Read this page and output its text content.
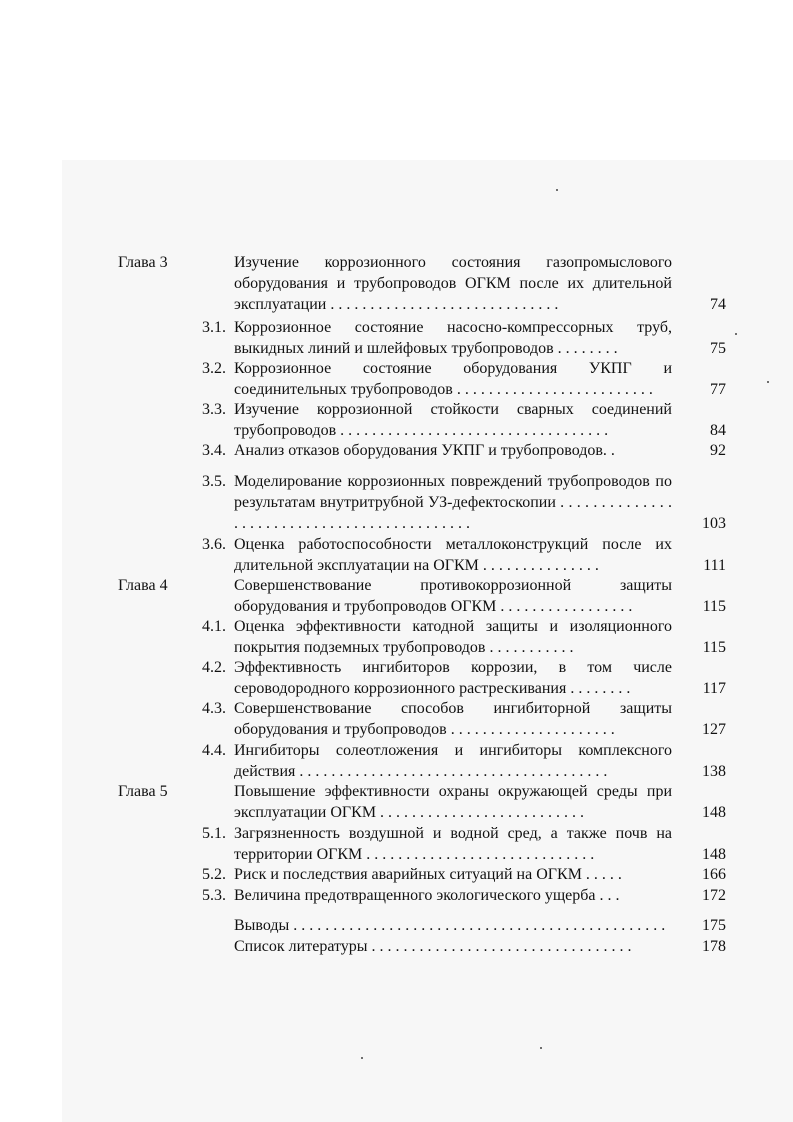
Глава 3	Изучение коррозионного состояния газопромыслового оборудования и трубопроводов ОГКМ после их длительной эксплуатации . . . . . . . . . . . . . . . . . . . . . . . . . . . . .	74
3.1. Коррозионное состояние насосно-компрессорных труб, выкидных линий и шлейфовых трубопроводов . . . . . . . .	75
3.2. Коррозионное состояние оборудования УКПГ и соединительных трубопроводов . . . . . . . . . . . . . . . . . . . . . . . . .	77
3.3. Изучение коррозионной стойкости сварных соединений трубопроводов . . . . . . . . . . . . . . . . . . . . . . . . . . . . . . . . . .	84
3.4. Анализ отказов оборудования УКПГ и трубопроводов. .	92
3.5. Моделирование коррозионных повреждений трубопроводов по результатам внутритрубной УЗ-дефектоскопии . . . . . . . . . . . . . . . . . . . . . . . . . . . . . . . . . . . . . . . . . . . .	103
3.6. Оценка работоспособности металлоконструкций после их длительной эксплуатации на ОГКМ . . . . . . . . . . . . . . .	111
Глава 4	Совершенствование противокоррозионной защиты оборудования и трубопроводов ОГКМ . . . . . . . . . . . . . . . . .	115
4.1. Оценка эффективности катодной защиты и изоляционного покрытия подземных трубопроводов . . . . . . . . . . .	115
4.2. Эффективность ингибиторов коррозии, в том числе сероводородного коррозионного растрескивания . . . . . . . .	117
4.3. Совершенствование способов ингибиторной защиты оборудования и трубопроводов . . . . . . . . . . . . . . . . . . . . .	127
4.4. Ингибиторы солеотложения и ингибиторы комплексного действия . . . . . . . . . . . . . . . . . . . . . . . . . . . . . . . . . . . . . . .	138
Глава 5	Повышение эффективности охраны окружающей среды при эксплуатации ОГКМ . . . . . . . . . . . . . . . . . . . . . . . . . .	148
5.1. Загрязненность воздушной и водной сред, а также почв на территории ОГКМ . . . . . . . . . . . . . . . . . . . . . . . . . . . . .	148
5.2. Риск и последствия аварийных ситуаций на ОГКМ . . . . .	166
5.3. Величина предотвращенного экологического ущерба . . .	172
Выводы . . . . . . . . . . . . . . . . . . . . . . . . . . . . . . . . . . . . . . . . . . . . . . .	175
Список литературы . . . . . . . . . . . . . . . . . . . . . . . . . . . . . . . . .	178
